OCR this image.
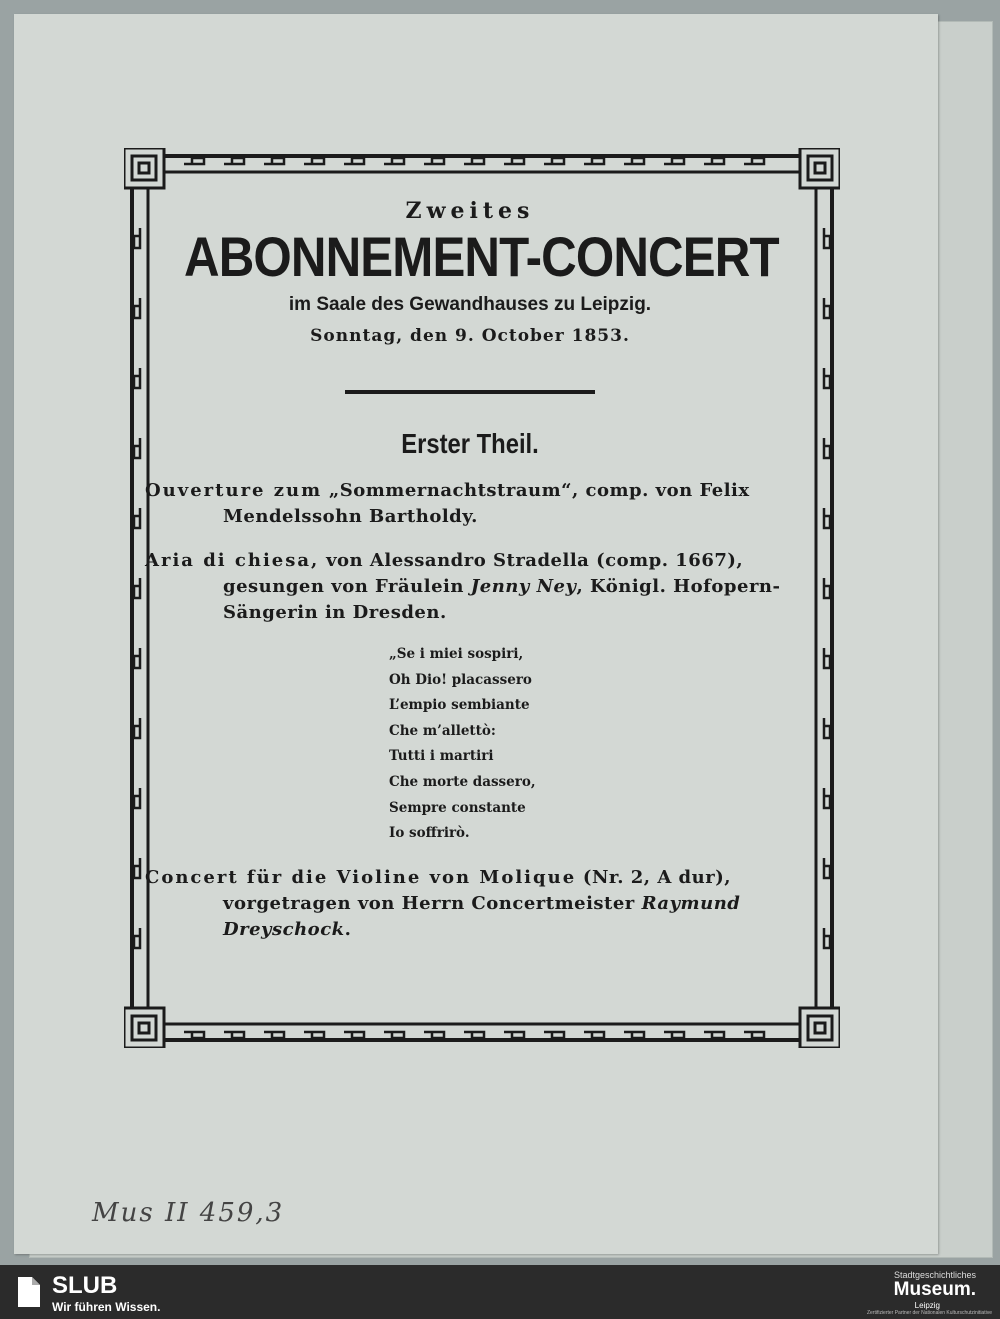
Zweites
ABONNEMENT-CONCERT
im Saale des Gewandhauses zu Leipzig.
Sonntag, den 9. October 1853.
Erster Theil.
Ouverture zum „Sommernachtstraum“, comp. von Felix Mendelssohn Bartholdy.
Aria di chiesa, von Alessandro Stradella (comp. 1667), gesungen von Fräulein Jenny Ney, Königl. Hofopern-Sängerin in Dresden.
„Se i miei sospiri,
Oh Dio! placassero
L’empio sembiante
Che m’allettò:
Tutti i martiri
Che morte dassero,
Sempre constante
Io soffrirò.
Concert für die Violine von Molique (Nr. 2, A dur), vorgetragen von Herrn Concertmeister Raymund Dreyschock.
Mus II 459,3
SLUB
Wir führen Wissen.
Stadtgeschichtliches
Museum.
Leipzig
Zertifizierter Partner der Nationalen Kulturschutzinitiative
